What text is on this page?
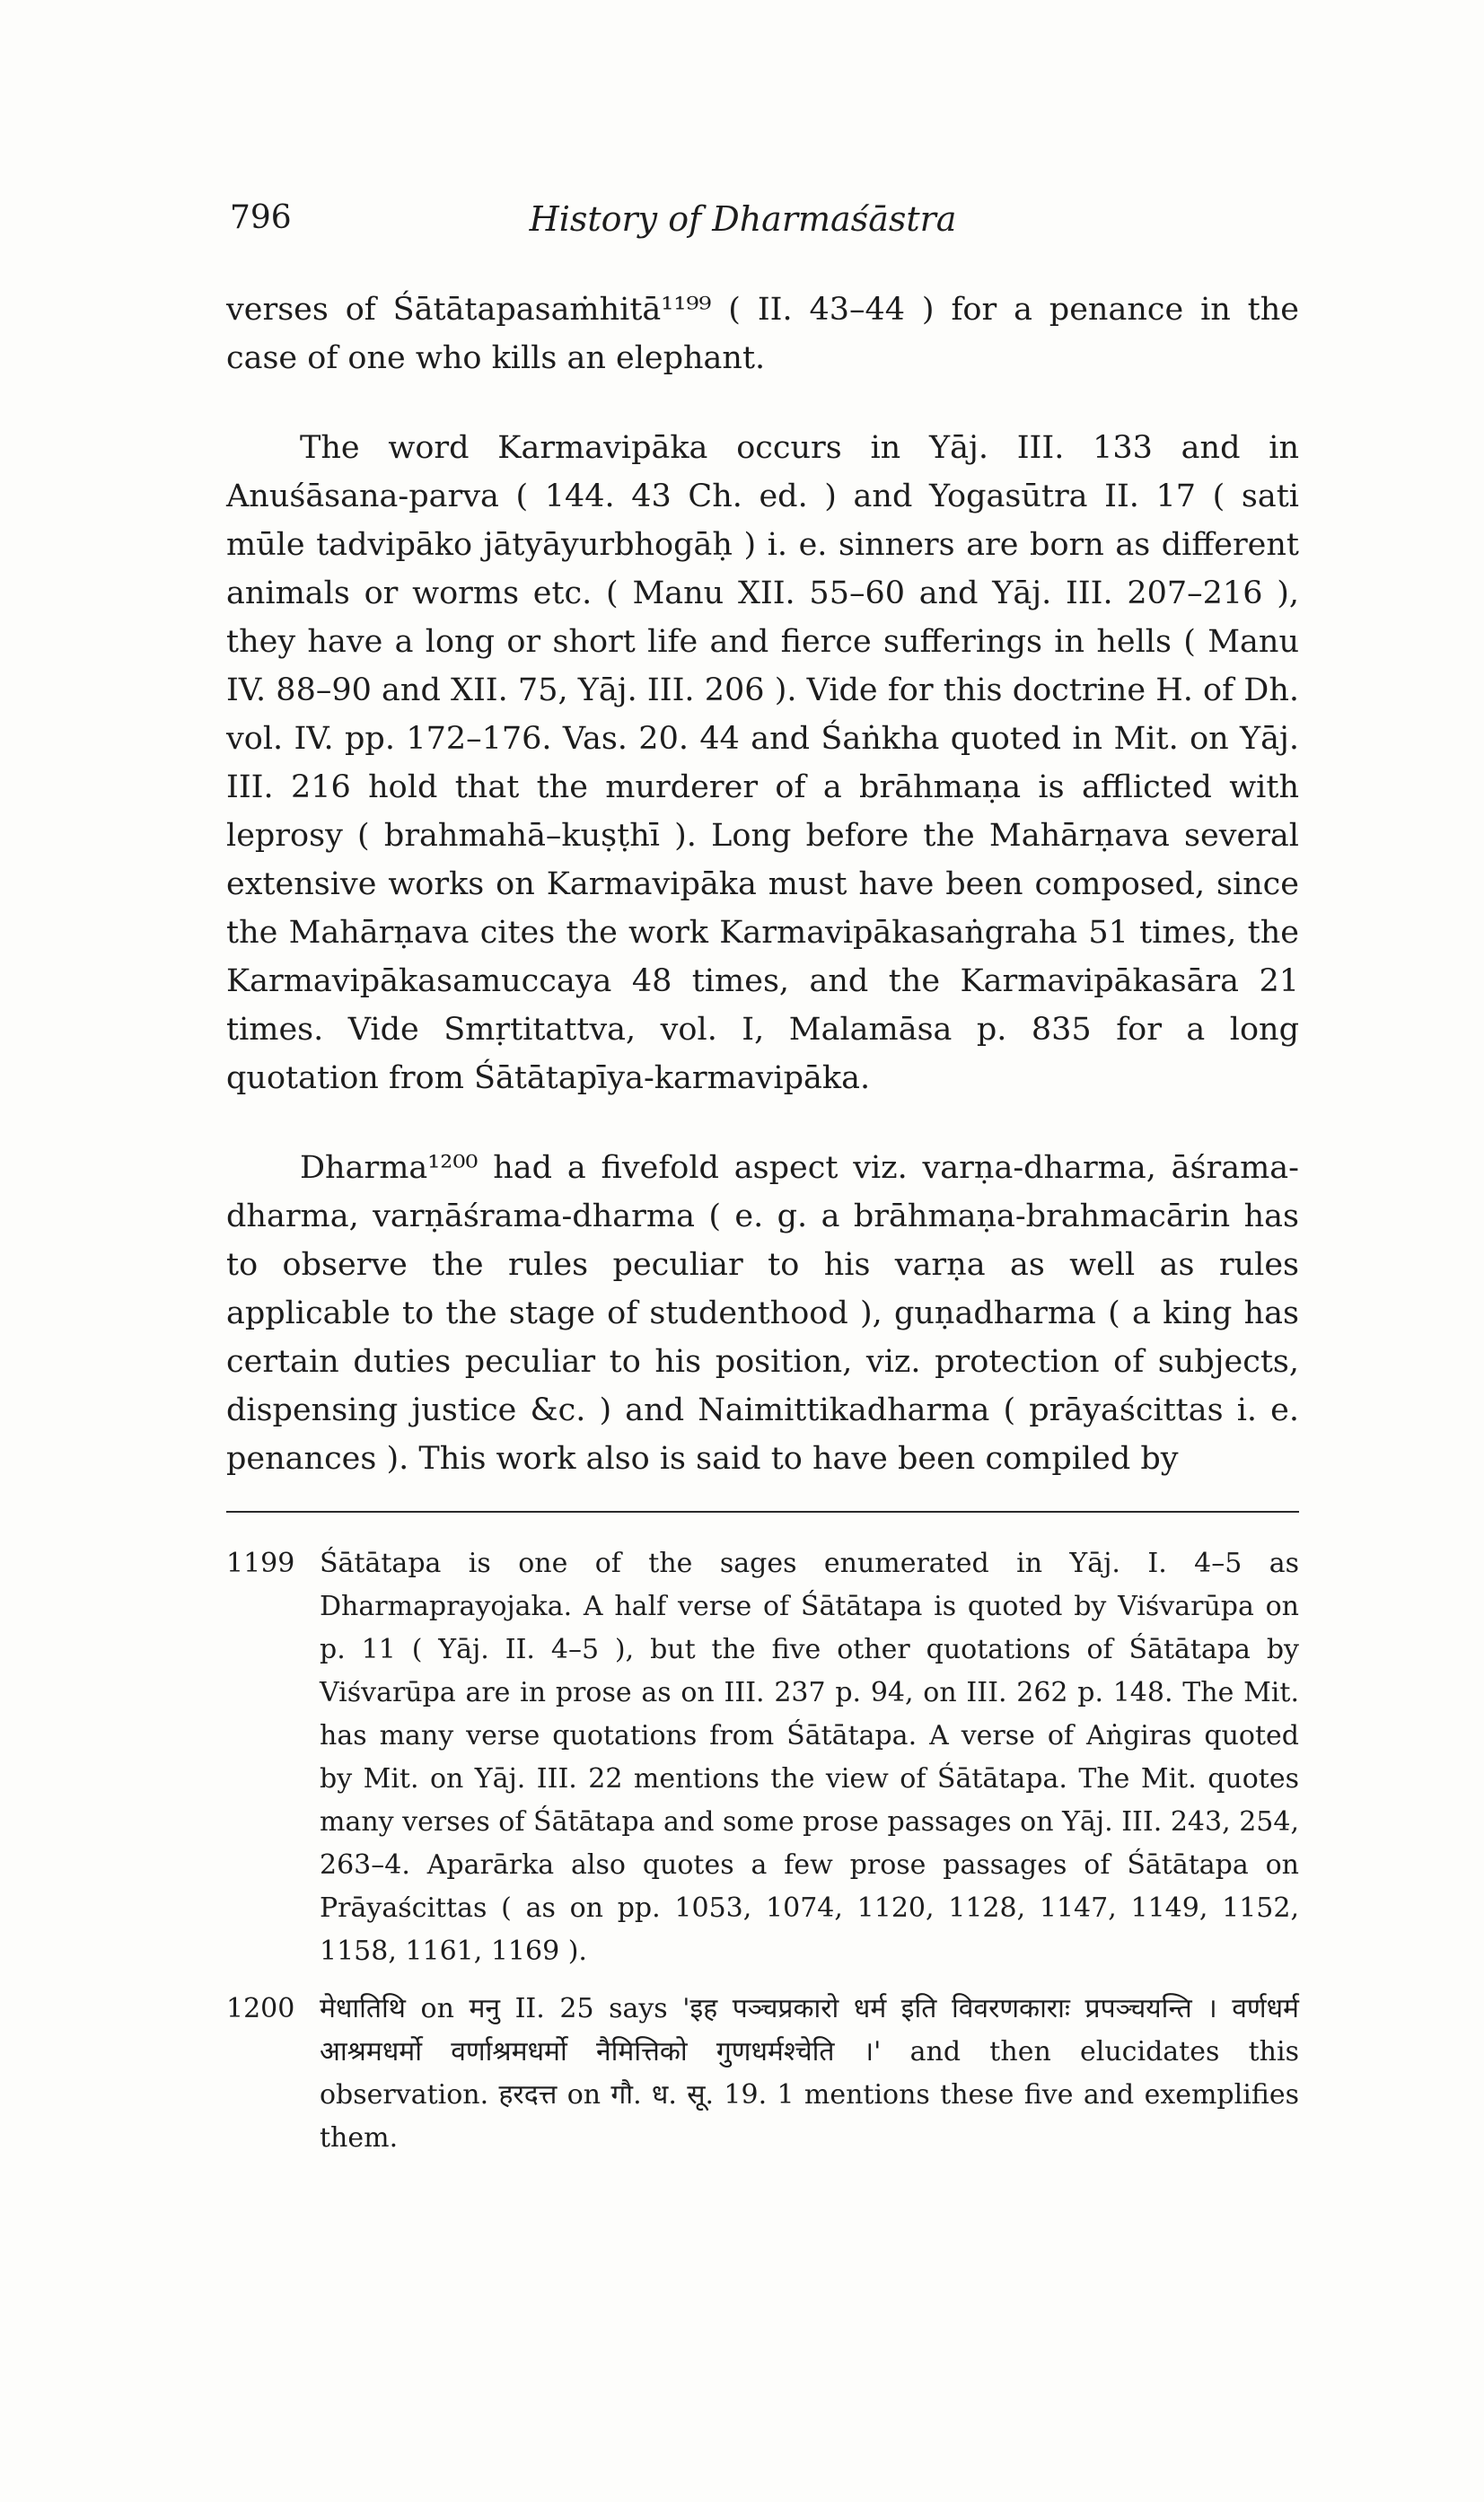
796	History of Dharmaśāstra

verses of Śātātapasaṁhitā¹¹⁹⁹ ( II. 43–44 ) for a penance in the case of one who kills an elephant.

The word Karmavipāka occurs in Yāj. III. 133 and in Anuśāsana-parva ( 144. 43 Ch. ed. ) and Yogasūtra II. 17 ( sati mūle tadvipāko jātyāyurbhogāḥ ) i. e. sinners are born as different animals or worms etc. ( Manu XII. 55–60 and Yāj. III. 207–216 ), they have a long or short life and fierce sufferings in hells ( Manu IV. 88–90 and XII. 75, Yāj. III. 206 ). Vide for this doctrine H. of Dh. vol. IV. pp. 172–176. Vas. 20. 44 and Śaṅkha quoted in Mit. on Yāj. III. 216 hold that the murderer of a brāhmaṇa is afflicted with leprosy ( brahmahā–kuṣṭhī ). Long before the Mahārṇava several extensive works on Karmavipāka must have been composed, since the Mahārṇava cites the work Karmavipākasaṅgraha 51 times, the Karmavipākasamuccaya 48 times, and the Karmavipākasāra 21 times. Vide Smṛtitattva, vol. I, Malamāsa p. 835 for a long quotation from Śātātapīya-karmavipāka.

Dharma¹²⁰⁰ had a fivefold aspect viz. varṇa-dharma, āśrama-dharma, varṇāśrama-dharma ( e. g. a brāhmaṇa-brahmacārin has to observe the rules peculiar to his varṇa as well as rules applicable to the stage of studenthood ), guṇadharma ( a king has certain duties peculiar to his position, viz. protection of subjects, dispensing justice &c. ) and Naimittikadharma ( prāyaścittas i. e. penances ). This work also is said to have been compiled by

1199 Śātātapa is one of the sages enumerated in Yāj. I. 4–5 as Dharmaprayojaka. A half verse of Śātātapa is quoted by Viśvarūpa on p. 11 ( Yāj. II. 4–5 ), but the five other quotations of Śātātapa by Viśvarūpa are in prose as on III. 237 p. 94, on III. 262 p. 148. The Mit. has many verse quotations from Śātātapa. A verse of Aṅgiras quoted by Mit. on Yāj. III. 22 mentions the view of Śātātapa. The Mit. quotes many verses of Śātātapa and some prose passages on Yāj. III. 243, 254, 263–4. Aparārka also quotes a few prose passages of Śātātapa on Prāyaścittas ( as on pp. 1053, 1074, 1120, 1128, 1147, 1149, 1152, 1158, 1161, 1169 ).
1200 मेधातिथि on मनु II. 25 says 'इह पञ्चप्रकारो धर्म इति विवरणकाराः प्रपञ्चयन्ति । वर्णधर्म आश्रमधर्मो वर्णाश्रमधर्मो नैमित्तिको गुणधर्मश्चेति ।' and then elucidates this observation. हरदत्त on गौ. ध. सू. 19. 1 mentions these five and exemplifies them.
